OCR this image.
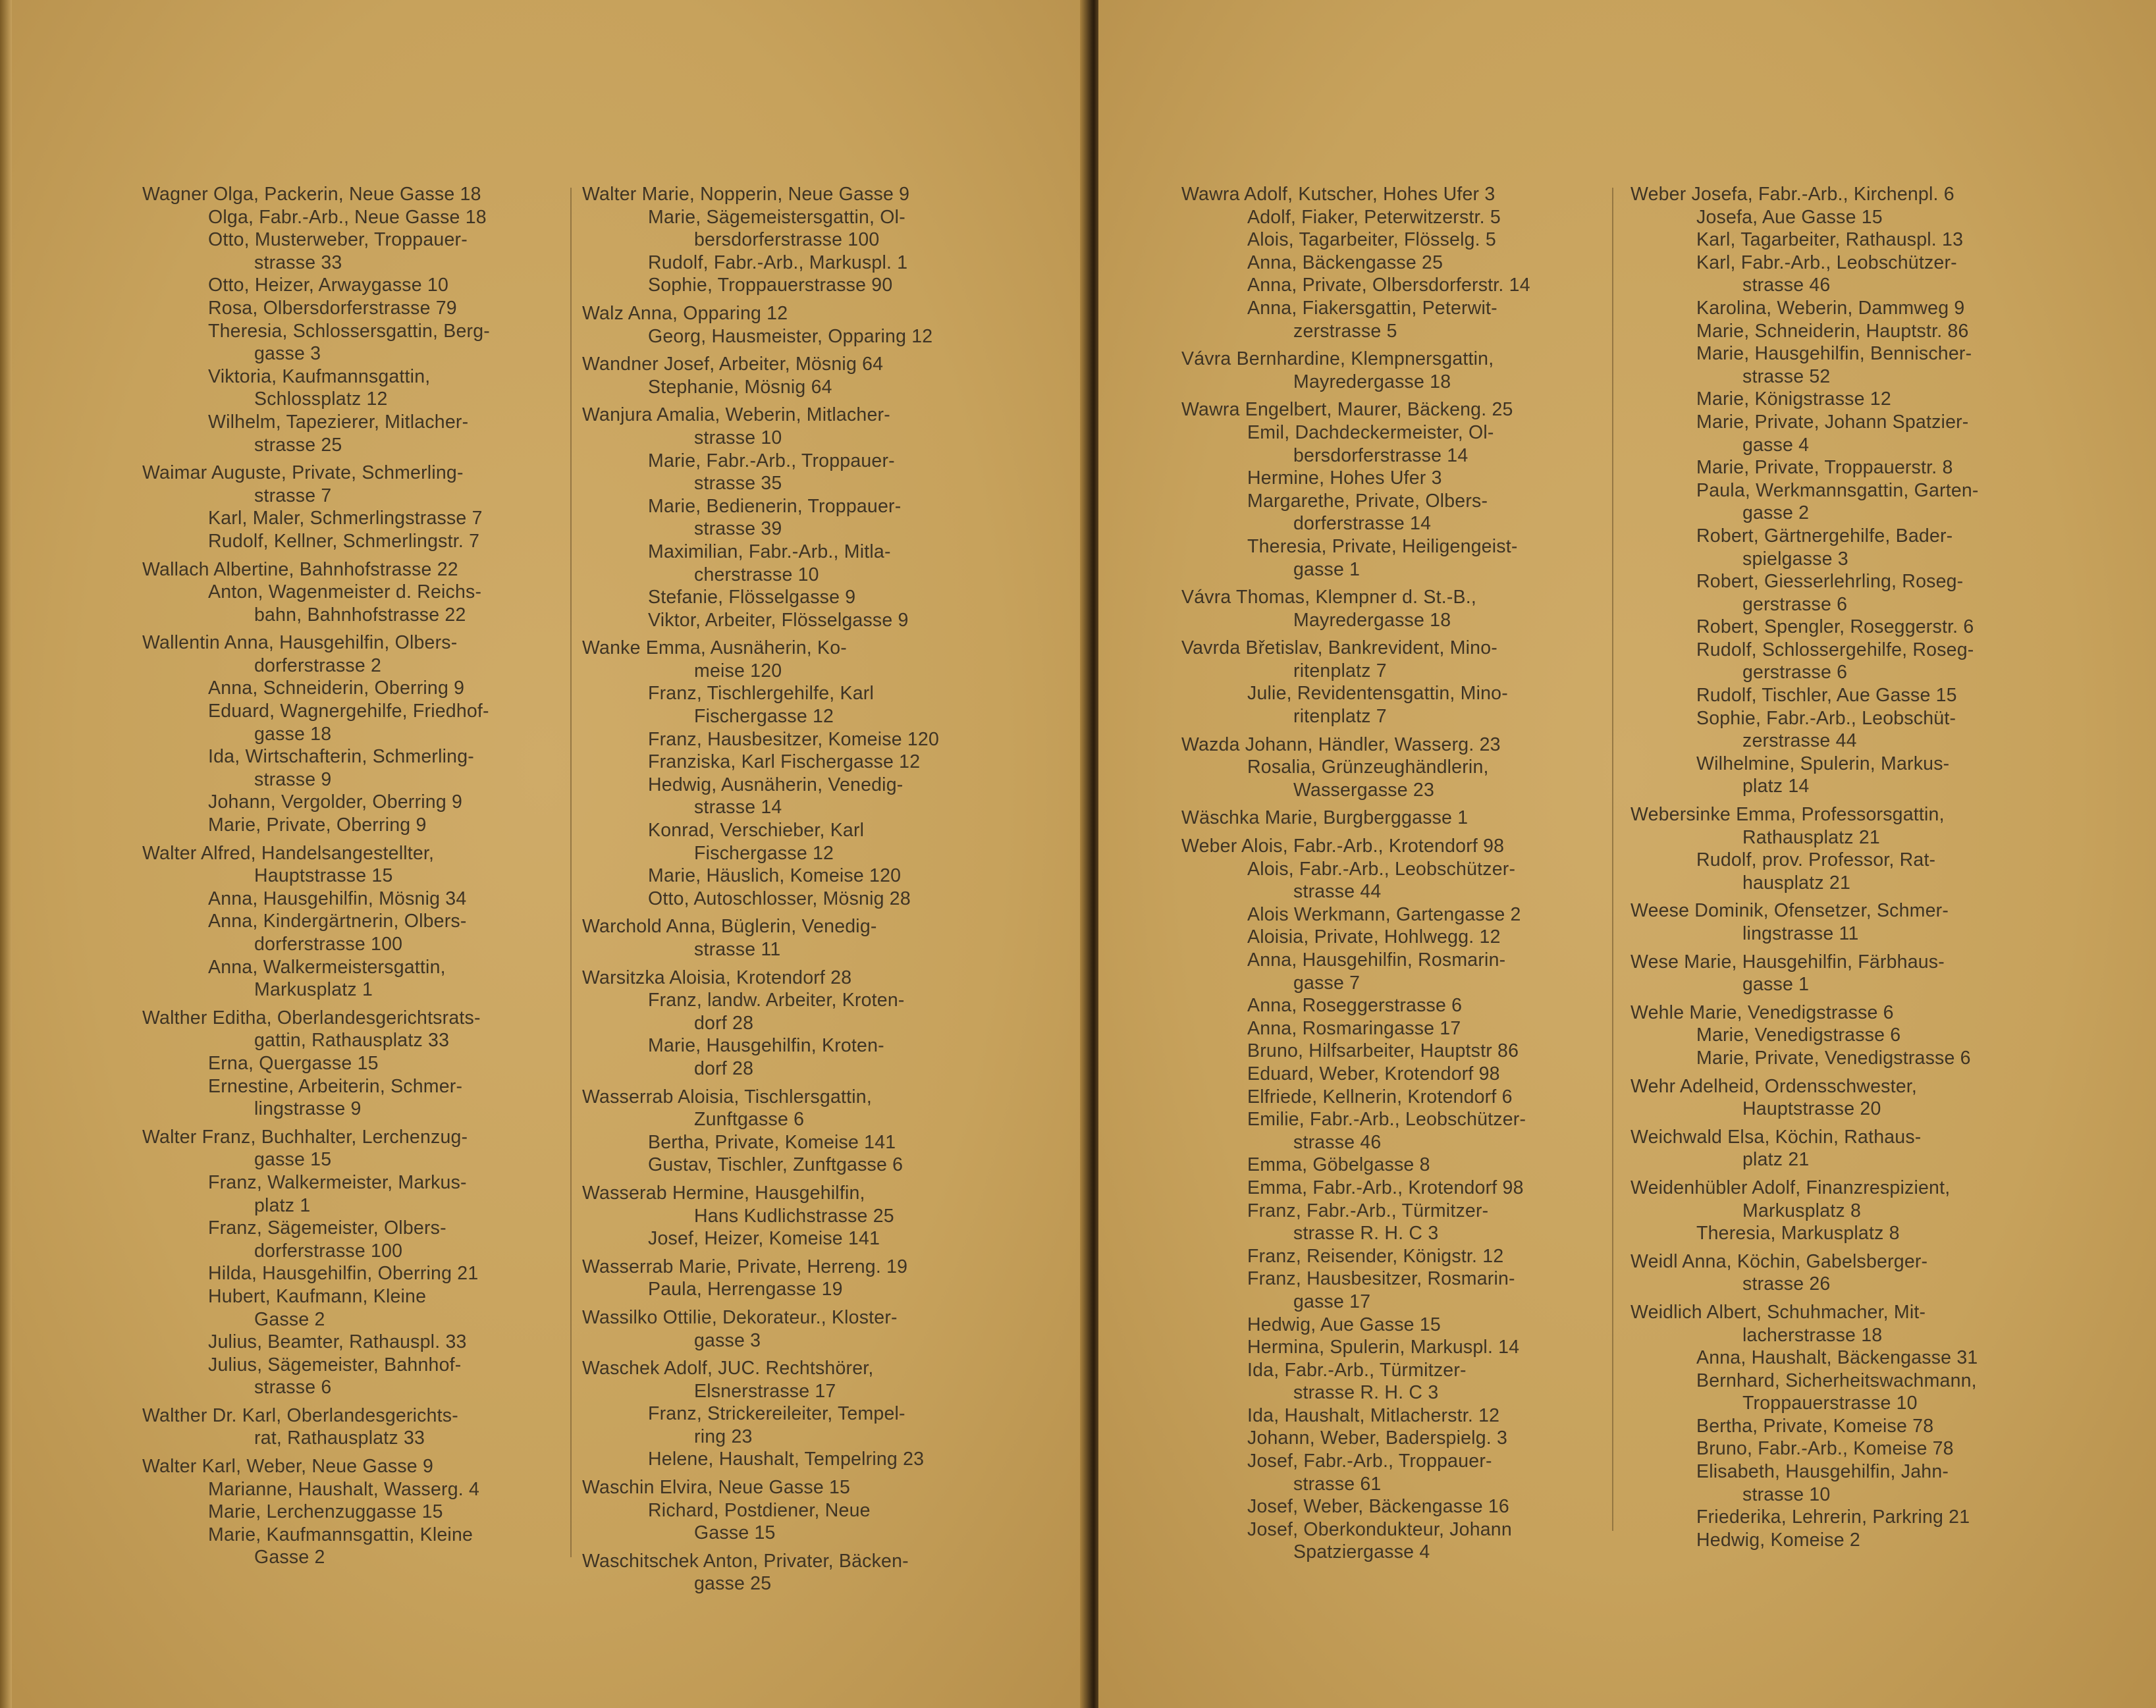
Wagner Olga, Packerin, Neue Gasse 18
Olga, Fabr.-Arb., Neue Gasse 18
Otto, Musterweber, Troppauer-
strasse 33
Otto, Heizer, Arwaygasse 10
Rosa, Olbersdorferstrasse 79
Theresia, Schlossersgattin, Berg-
gasse 3
Viktoria, Kaufmannsgattin,
Schlossplatz 12
Wilhelm, Tapezierer, Mitlacher-
strasse 25
Waimar Auguste, Private, Schmerling-
strasse 7
Karl, Maler, Schmerlingstrasse 7
Rudolf, Kellner, Schmerlingstr. 7
Wallach Albertine, Bahnhofstrasse 22
Anton, Wagenmeister d. Reichs-
bahn, Bahnhofstrasse 22
Wallentin Anna, Hausgehilfin, Olbers-
dorferstrasse 2
Anna, Schneiderin, Oberring 9
Eduard, Wagnergehilfe, Friedhof-
gasse 18
Ida, Wirtschafterin, Schmerling-
strasse 9
Johann, Vergolder, Oberring 9
Marie, Private, Oberring 9
Walter Alfred, Handelsangestellter,
Hauptstrasse 15
Anna, Hausgehilfin, Mösnig 34
Anna, Kindergärtnerin, Olbers-
dorferstrasse 100
Anna, Walkermeistersgattin,
Markusplatz 1
Walther Editha, Oberlandesgerichtsrats-
gattin, Rathausplatz 33
Erna, Quergasse 15
Ernestine, Arbeiterin, Schmer-
lingstrasse 9
Walter Franz, Buchhalter, Lerchenzug-
gasse 15
Franz, Walkermeister, Markus-
platz 1
Franz, Sägemeister, Olbers-
dorferstrasse 100
Hilda, Hausgehilfin, Oberring 21
Hubert, Kaufmann, Kleine
Gasse 2
Julius, Beamter, Rathauspl. 33
Julius, Sägemeister, Bahnhof-
strasse 6
Walther Dr. Karl, Oberlandesgerichts-
rat, Rathausplatz 33
Walter Karl, Weber, Neue Gasse 9
Marianne, Haushalt, Wasserg. 4
Marie, Lerchenzuggasse 15
Marie, Kaufmannsgattin, Kleine
Gasse 2
Walter Marie, Nopperin, Neue Gasse 9
Marie, Sägemeistersgattin, Ol-
bersdorferstrasse 100
Rudolf, Fabr.-Arb., Markuspl. 1
Sophie, Troppauerstrasse 90
Walz Anna, Opparing 12
Georg, Hausmeister, Opparing 12
Wandner Josef, Arbeiter, Mösnig 64
Stephanie, Mösnig 64
Wanjura Amalia, Weberin, Mitlacher-
strasse 10
Marie, Fabr.-Arb., Troppauer-
strasse 35
Marie, Bedienerin, Troppauer-
strasse 39
Maximilian, Fabr.-Arb., Mitla-
cherstrasse 10
Stefanie, Flösselgasse 9
Viktor, Arbeiter, Flösselgasse 9
Wanke Emma, Ausnäherin, Ko-
meise 120
Franz, Tischlergehilfe, Karl
Fischergasse 12
Franz, Hausbesitzer, Komeise 120
Franziska, Karl Fischergasse 12
Hedwig, Ausnäherin, Venedig-
strasse 14
Konrad, Verschieber, Karl
Fischergasse 12
Marie, Häuslich, Komeise 120
Otto, Autoschlosser, Mösnig 28
Warchold Anna, Büglerin, Venedig-
strasse 11
Warsitzka Aloisia, Krotendorf 28
Franz, landw. Arbeiter, Kroten-
dorf 28
Marie, Hausgehilfin, Kroten-
dorf 28
Wasserrab Aloisia, Tischlersgattin,
Zunftgasse 6
Bertha, Private, Komeise 141
Gustav, Tischler, Zunftgasse 6
Wasserab Hermine, Hausgehilfin,
Hans Kudlichstrasse 25
Josef, Heizer, Komeise 141
Wasserrab Marie, Private, Herreng. 19
Paula, Herrengasse 19
Wassilko Ottilie, Dekorateur., Kloster-
gasse 3
Waschek Adolf, JUC. Rechtshörer,
Elsnerstrasse 17
Franz, Strickereileiter, Tempel-
ring 23
Helene, Haushalt, Tempelring 23
Waschin Elvira, Neue Gasse 15
Richard, Postdiener, Neue
Gasse 15
Waschitschek Anton, Privater, Bäcken-
gasse 25
Wawra Adolf, Kutscher, Hohes Ufer 3
Adolf, Fiaker, Peterwitzerstr. 5
Alois, Tagarbeiter, Flösselg. 5
Anna, Bäckengasse 25
Anna, Private, Olbersdorferstr. 14
Anna, Fiakersgattin, Peterwit-
zerstrasse 5
Vávra Bernhardine, Klempnersgattin,
Mayredergasse 18
Wawra Engelbert, Maurer, Bäckeng. 25
Emil, Dachdeckermeister, Ol-
bersdorferstrasse 14
Hermine, Hohes Ufer 3
Margarethe, Private, Olbers-
dorferstrasse 14
Theresia, Private, Heiligengeist-
gasse 1
Vávra Thomas, Klempner d. St.-B.,
Mayredergasse 18
Vavrda Břetislav, Bankrevident, Mino-
ritenplatz 7
Julie, Revidentensgattin, Mino-
ritenplatz 7
Wazda Johann, Händler, Wasserg. 23
Rosalia, Grünzeughändlerin,
Wassergasse 23
Wäschka Marie, Burgberggasse 1
Weber Alois, Fabr.-Arb., Krotendorf 98
Alois, Fabr.-Arb., Leobschützer-
strasse 44
Alois Werkmann, Gartengasse 2
Aloisia, Private, Hohlwegg. 12
Anna, Hausgehilfin, Rosmarin-
gasse 7
Anna, Roseggerstrasse 6
Anna, Rosmaringasse 17
Bruno, Hilfsarbeiter, Hauptstr 86
Eduard, Weber, Krotendorf 98
Elfriede, Kellnerin, Krotendorf 6
Emilie, Fabr.-Arb., Leobschützer-
strasse 46
Emma, Göbelgasse 8
Emma, Fabr.-Arb., Krotendorf 98
Franz, Fabr.-Arb., Türmitzer-
strasse R. H. C 3
Franz, Reisender, Königstr. 12
Franz, Hausbesitzer, Rosmarin-
gasse 17
Hedwig, Aue Gasse 15
Hermina, Spulerin, Markuspl. 14
Ida, Fabr.-Arb., Türmitzer-
strasse R. H. C 3
Ida, Haushalt, Mitlacherstr. 12
Johann, Weber, Baderspielg. 3
Josef, Fabr.-Arb., Troppauer-
strasse 61
Josef, Weber, Bäckengasse 16
Josef, Oberkondukteur, Johann
Spatziergasse 4
Weber Josefa, Fabr.-Arb., Kirchenpl. 6
Josefa, Aue Gasse 15
Karl, Tagarbeiter, Rathauspl. 13
Karl, Fabr.-Arb., Leobschützer-
strasse 46
Karolina, Weberin, Dammweg 9
Marie, Schneiderin, Hauptstr. 86
Marie, Hausgehilfin, Bennischer-
strasse 52
Marie, Königstrasse 12
Marie, Private, Johann Spatzier-
gasse 4
Marie, Private, Troppauerstr. 8
Paula, Werkmannsgattin, Garten-
gasse 2
Robert, Gärtnergehilfe, Bader-
spielgasse 3
Robert, Giesserlehrling, Roseg-
gerstrasse 6
Robert, Spengler, Roseggerstr. 6
Rudolf, Schlossergehilfe, Roseg-
gerstrasse 6
Rudolf, Tischler, Aue Gasse 15
Sophie, Fabr.-Arb., Leobschüt-
zerstrasse 44
Wilhelmine, Spulerin, Markus-
platz 14
Webersinke Emma, Professorsgattin,
Rathausplatz 21
Rudolf, prov. Professor, Rat-
hausplatz 21
Weese Dominik, Ofensetzer, Schmer-
lingstrasse 11
Wese Marie, Hausgehilfin, Färbhaus-
gasse 1
Wehle Marie, Venedigstrasse 6
Marie, Venedigstrasse 6
Marie, Private, Venedigstrasse 6
Wehr Adelheid, Ordensschwester,
Hauptstrasse 20
Weichwald Elsa, Köchin, Rathaus-
platz 21
Weidenhübler Adolf, Finanzrespizient,
Markusplatz 8
Theresia, Markusplatz 8
Weidl Anna, Köchin, Gabelsberger-
strasse 26
Weidlich Albert, Schuhmacher, Mit-
lacherstrasse 18
Anna, Haushalt, Bäckengasse 31
Bernhard, Sicherheitswachmann,
Troppauerstrasse 10
Bertha, Private, Komeise 78
Bruno, Fabr.-Arb., Komeise 78
Elisabeth, Hausgehilfin, Jahn-
strasse 10
Friederika, Lehrerin, Parkring 21
Hedwig, Komeise 2
